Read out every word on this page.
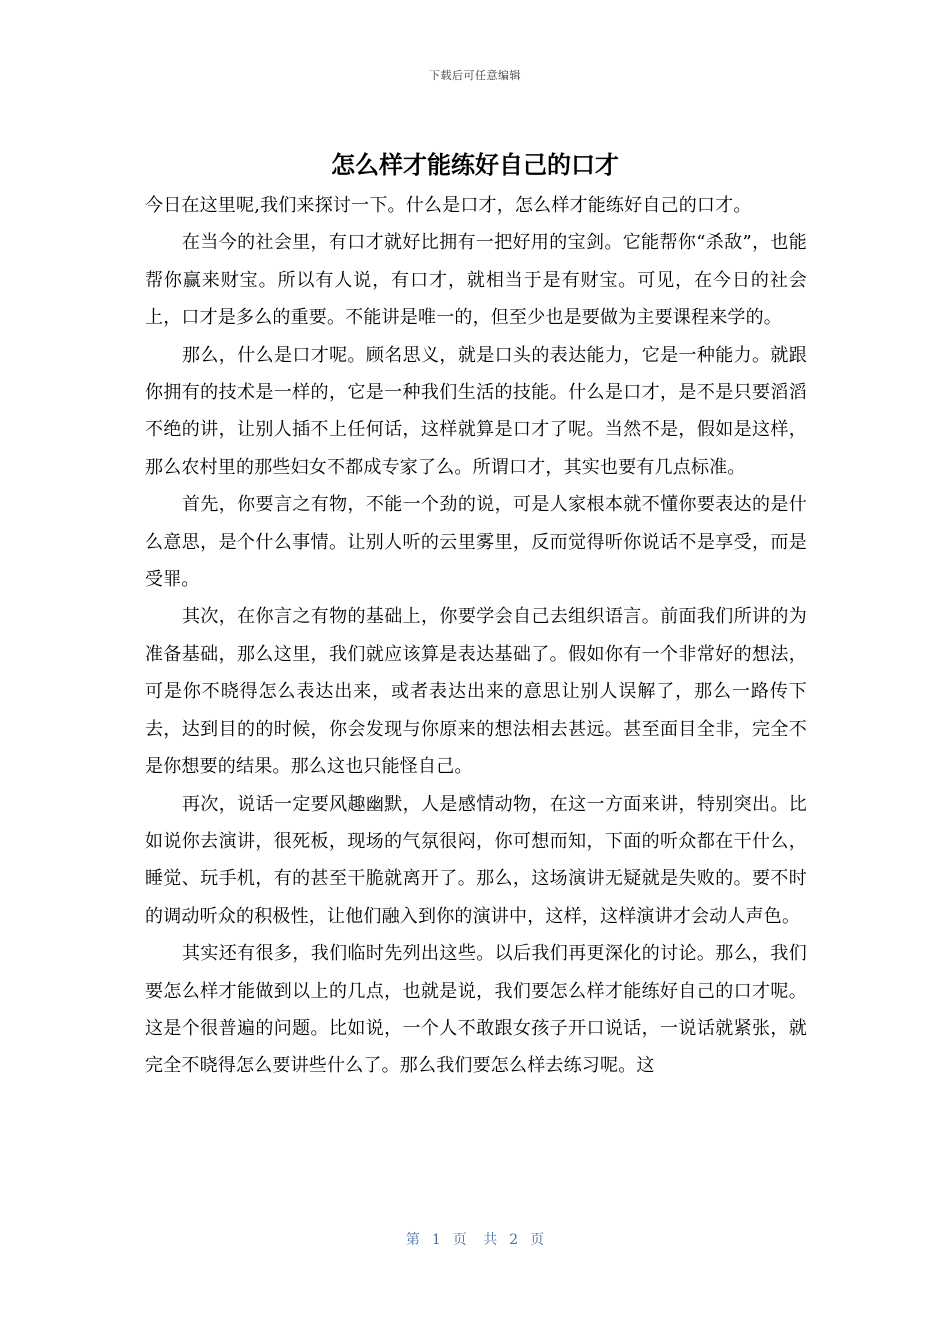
下载后可任意编辑
怎么样才能练好自己的口才

今日在这里呢,我们来探讨一下。什么是口才，怎么样才能练好自己的口才。

在当今的社会里，有口才就好比拥有一把好用的宝剑。它能帮你“杀敌”，也能帮你赢来财宝。所以有人说，有口才，就相当于是有财宝。可见，在今日的社会上，口才是多么的重要。不能讲是唯一的，但至少也是要做为主要课程来学的。

那么，什么是口才呢。顾名思义，就是口头的表达能力，它是一种能力。就跟你拥有的技术是一样的，它是一种我们生活的技能。什么是口才，是不是只要滔滔不绝的讲，让别人插不上任何话，这样就算是口才了呢。当然不是，假如是这样，那么农村里的那些妇女不都成专家了么。所谓口才，其实也要有几点标准。

首先，你要言之有物，不能一个劲的说，可是人家根本就不懂你要表达的是什么意思，是个什么事情。让别人听的云里雾里，反而觉得听你说话不是享受，而是受罪。

其次，在你言之有物的基础上，你要学会自己去组织语言。前面我们所讲的为准备基础，那么这里，我们就应该算是表达基础了。假如你有一个非常好的想法，可是你不晓得怎么表达出来，或者表达出来的意思让别人误解了，那么一路传下去，达到目的的时候，你会发现与你原来的想法相去甚远。甚至面目全非，完全不是你想要的结果。那么这也只能怪自己。

再次，说话一定要风趣幽默，人是感情动物，在这一方面来讲，特别突出。比如说你去演讲，很死板，现场的气氛很闷，你可想而知，下面的听众都在干什么，睡觉、玩手机，有的甚至干脆就离开了。那么，这场演讲无疑就是失败的。要不时的调动听众的积极性，让他们融入到你的演讲中，这样，这样演讲才会动人声色。

其实还有很多，我们临时先列出这些。以后我们再更深化的讨论。那么，我们要怎么样才能做到以上的几点，也就是说，我们要怎么样才能练好自己的口才呢。这是个很普遍的问题。比如说，一个人不敢跟女孩子开口说话，一说话就紧张，就完全不晓得怎么要讲些什么了。那么我们要怎么样去练习呢。这

第 1 页 共 2 页
